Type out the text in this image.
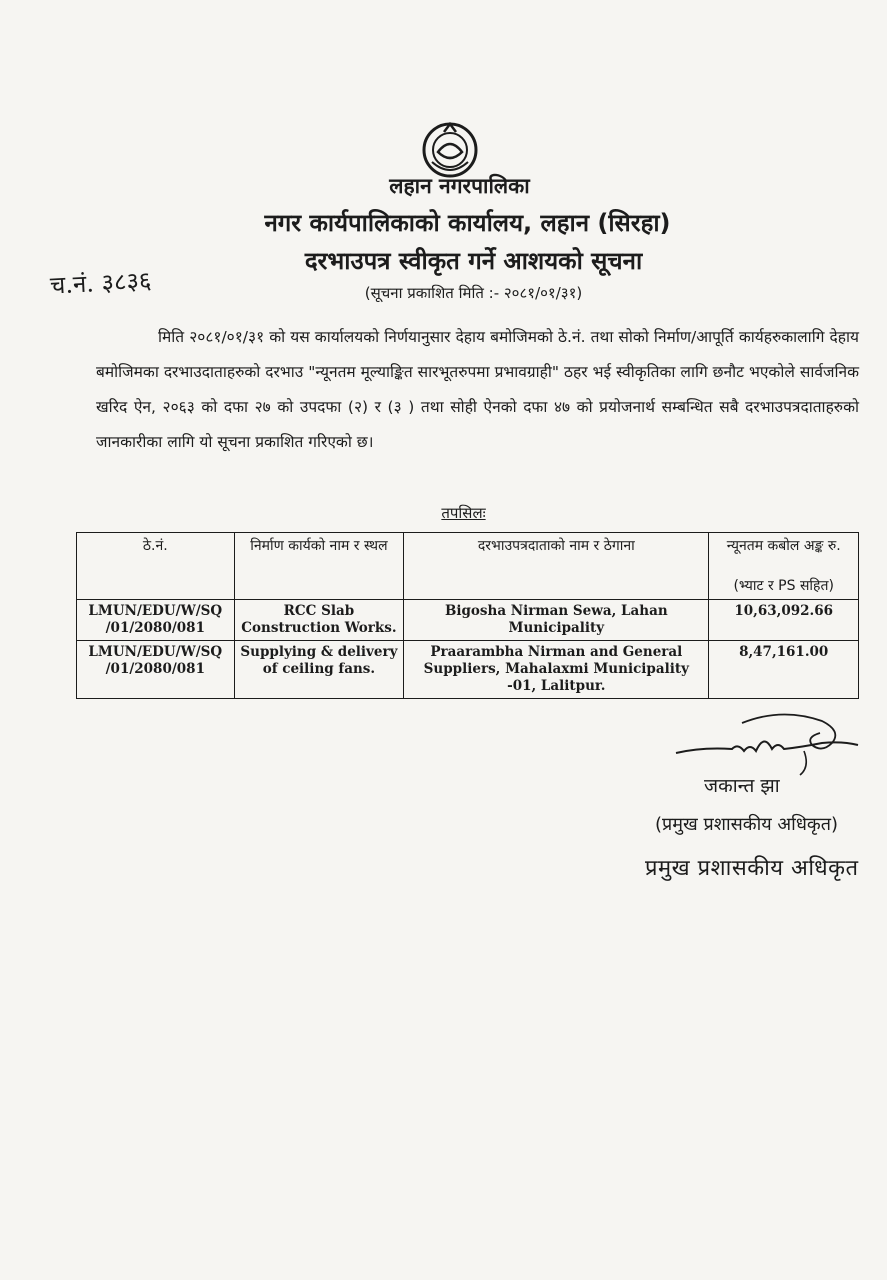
लहान नगरपालिका
नगर कार्यपालिकाको कार्यालय, लहान (सिरहा)
दरभाउपत्र स्वीकृत गर्ने आशयको सूचना
(सूचना प्रकाशित मिति :- २०८१/०१/३१)
च.नं. ३८३६
मिति २०८१/०१/३१ को यस कार्यालयको निर्णयानुसार देहाय बमोजिमको ठे.नं. तथा सोको निर्माण/आपूर्ति कार्यहरुकालागि देहाय बमोजिमका दरभाउदाताहरुको दरभाउ "न्यूनतम मूल्याङ्कित सारभूतरुपमा प्रभावग्राही" ठहर भई स्वीकृतिका लागि छनौट भएकोले सार्वजनिक खरिद ऐन, २०६३ को दफा २७ को उपदफा (२) र (३ ) तथा सोही ऐनको दफा ४७ को प्रयोजनार्थ सम्बन्धित सबै दरभाउपत्रदाताहरुको जानकारीका लागि यो सूचना प्रकाशित गरिएको छ।
तपसिलः
ठे.नं.	निर्माण कार्यको नाम र स्थल	दरभाउपत्रदाताको नाम र ठेगाना	न्यूनतम कबोल अङ्क रु.
(भ्याट र PS सहित)

LMUN/EDU/W/SQ /01/2080/081	RCC Slab Construction Works.	Bigosha Nirman Sewa, Lahan Municipality	10,63,092.66
LMUN/EDU/W/SQ /01/2080/081	Supplying & delivery of ceiling fans.	Praarambha Nirman and General Suppliers, Mahalaxmi Municipality -01, Lalitpur.	8,47,161.00
जकान्त झा
(प्रमुख प्रशासकीय अधिकृत)
प्रमुख प्रशासकीय अधिकृत
